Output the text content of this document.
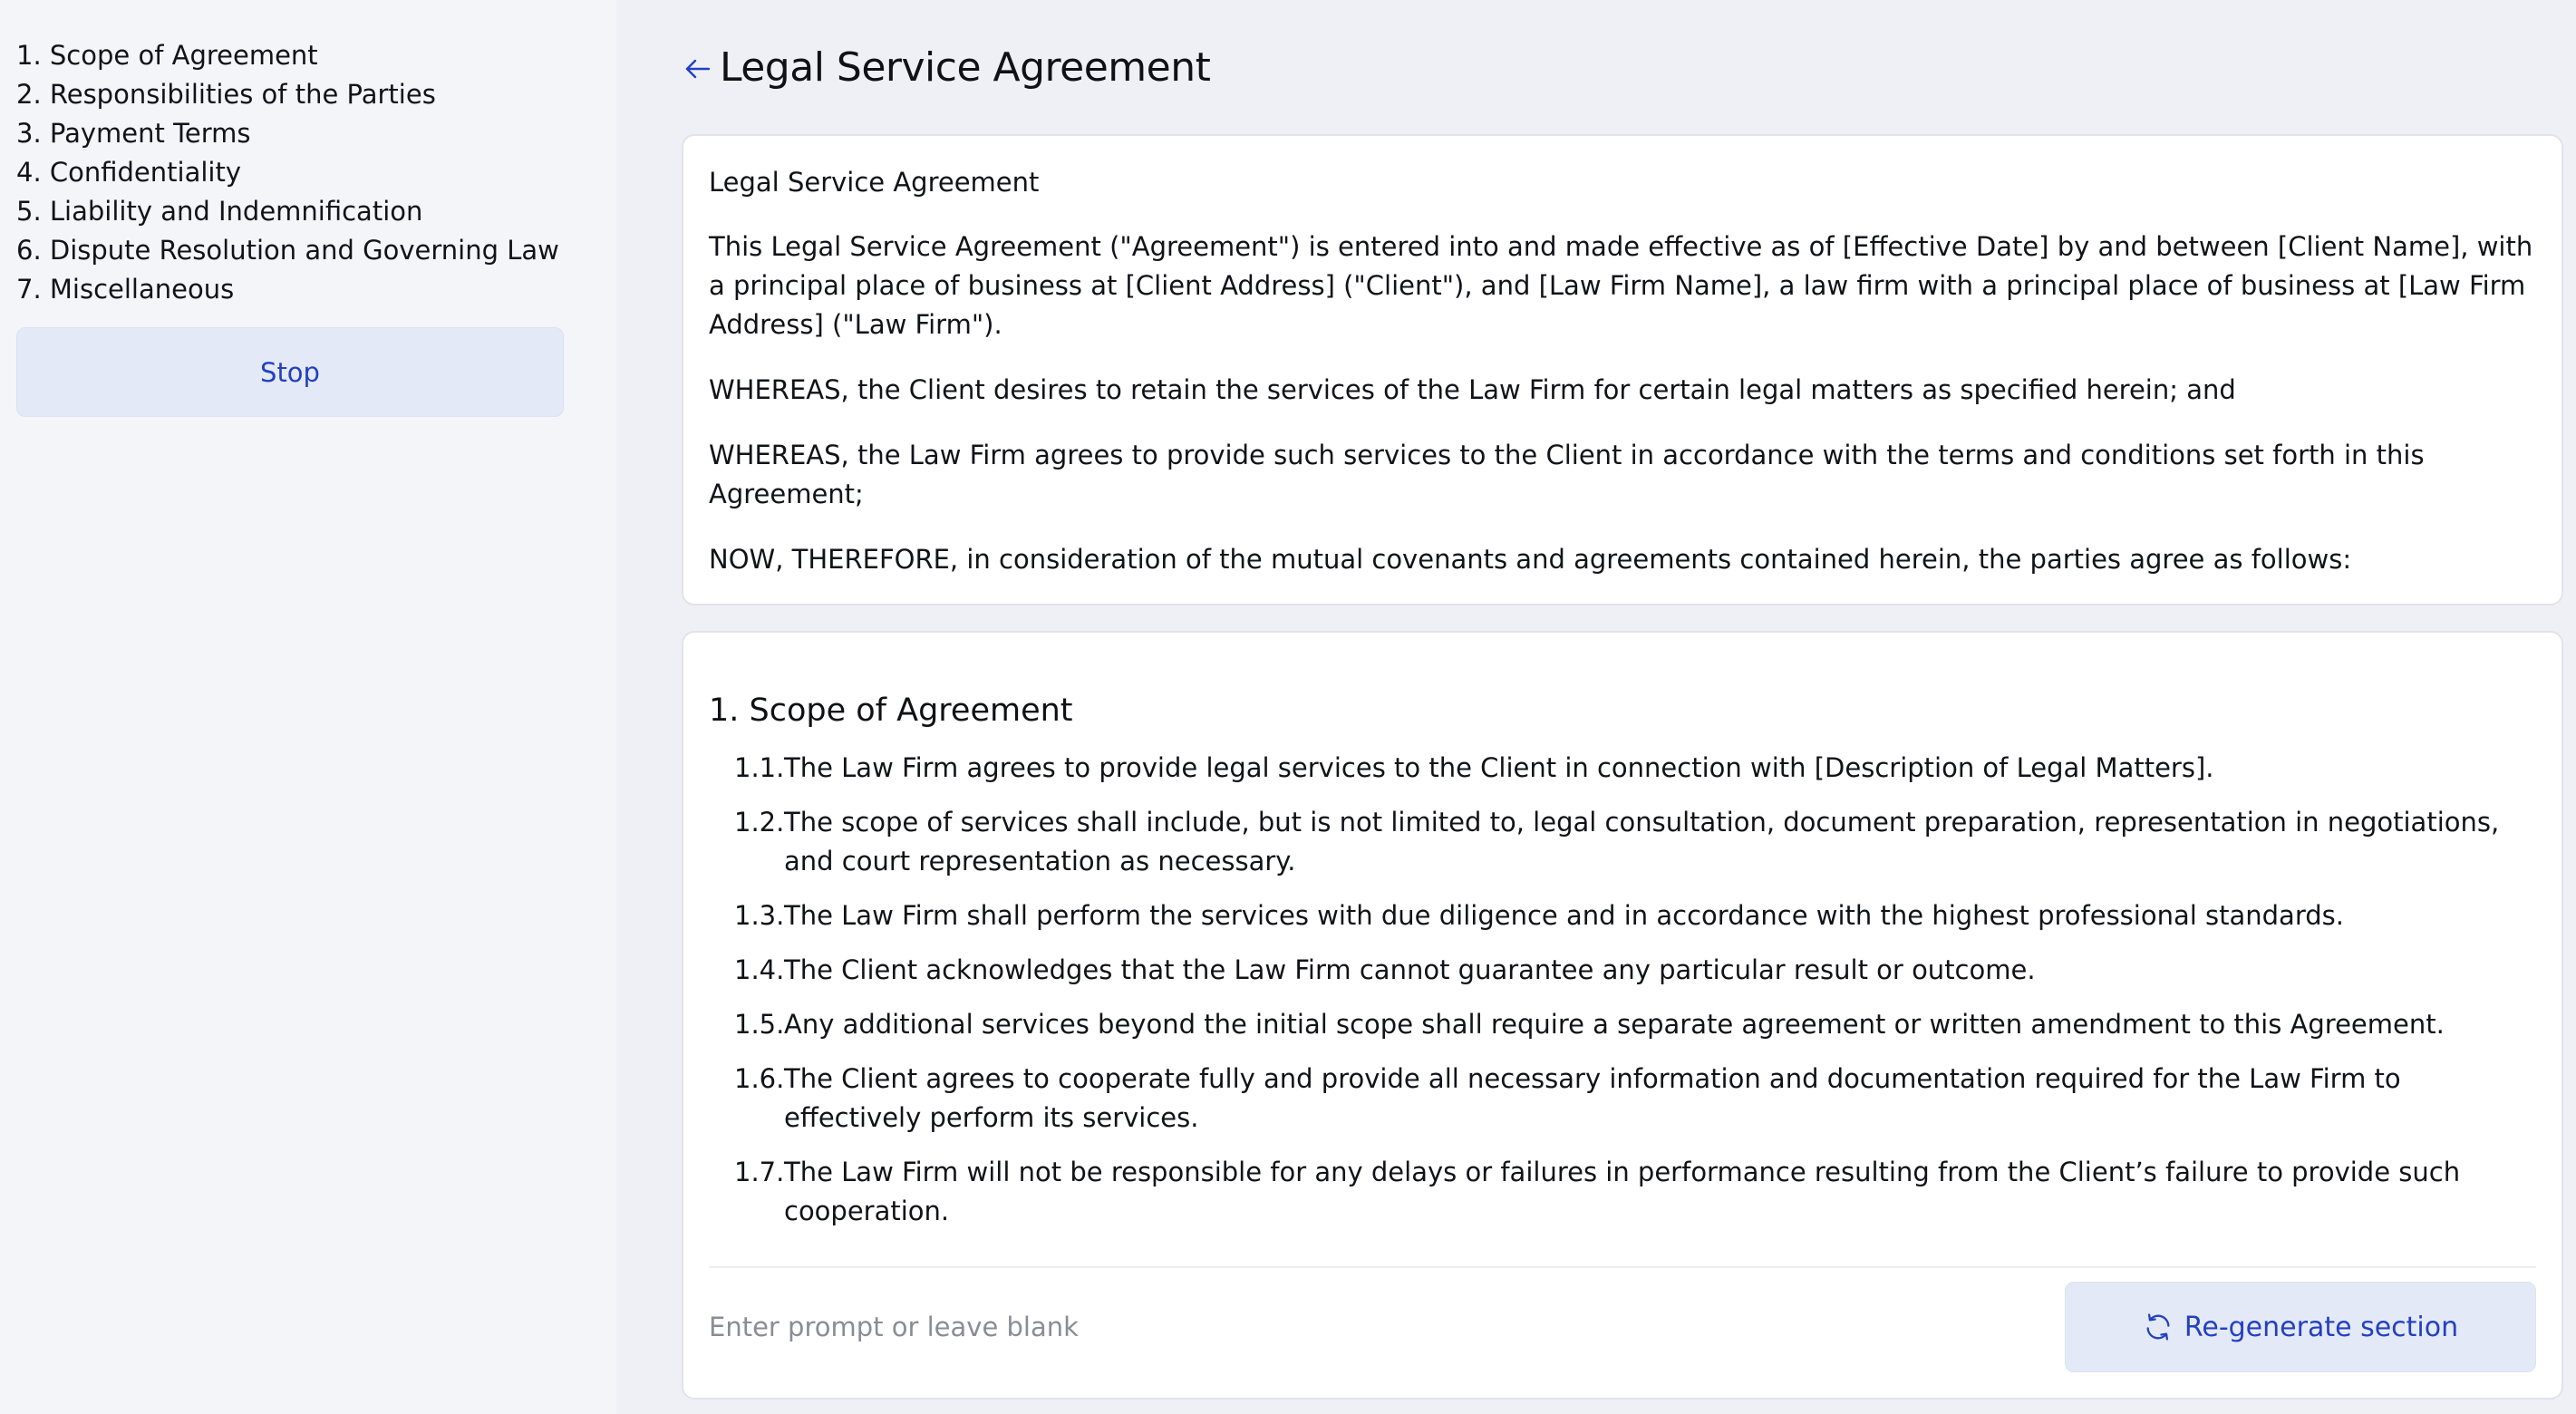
1. Scope of Agreement
2. Responsibilities of the Parties
3. Payment Terms
4. Confidentiality
5. Liability and Indemnification
6. Dispute Resolution and Governing Law
7. Miscellaneous
Stop
Legal Service Agreement

Legal Service Agreement

This Legal Service Agreement ("Agreement") is entered into and made effective as of [Effective Date] by and between [Client Name], with a principal place of business at [Client Address] ("Client"), and [Law Firm Name], a law firm with a principal place of business at [Law Firm Address] ("Law Firm").

WHEREAS, the Client desires to retain the services of the Law Firm for certain legal matters as specified herein; and

WHEREAS, the Law Firm agrees to provide such services to the Client in accordance with the terms and conditions set forth in this Agreement;

NOW, THEREFORE, in consideration of the mutual covenants and agreements contained herein, the parties agree as follows:

1. Scope of Agreement
1.1. The Law Firm agrees to provide legal services to the Client in connection with [Description of Legal Matters].
1.2. The scope of services shall include, but is not limited to, legal consultation, document preparation, representation in negotiations, and court representation as necessary.
1.3. The Law Firm shall perform the services with due diligence and in accordance with the highest professional standards.
1.4. The Client acknowledges that the Law Firm cannot guarantee any particular result or outcome.
1.5. Any additional services beyond the initial scope shall require a separate agreement or written amendment to this Agreement.
1.6. The Client agrees to cooperate fully and provide all necessary information and documentation required for the Law Firm to effectively perform its services.
1.7. The Law Firm will not be responsible for any delays or failures in performance resulting from the Client’s failure to provide such cooperation.
Enter prompt or leave blank
Re-generate section
